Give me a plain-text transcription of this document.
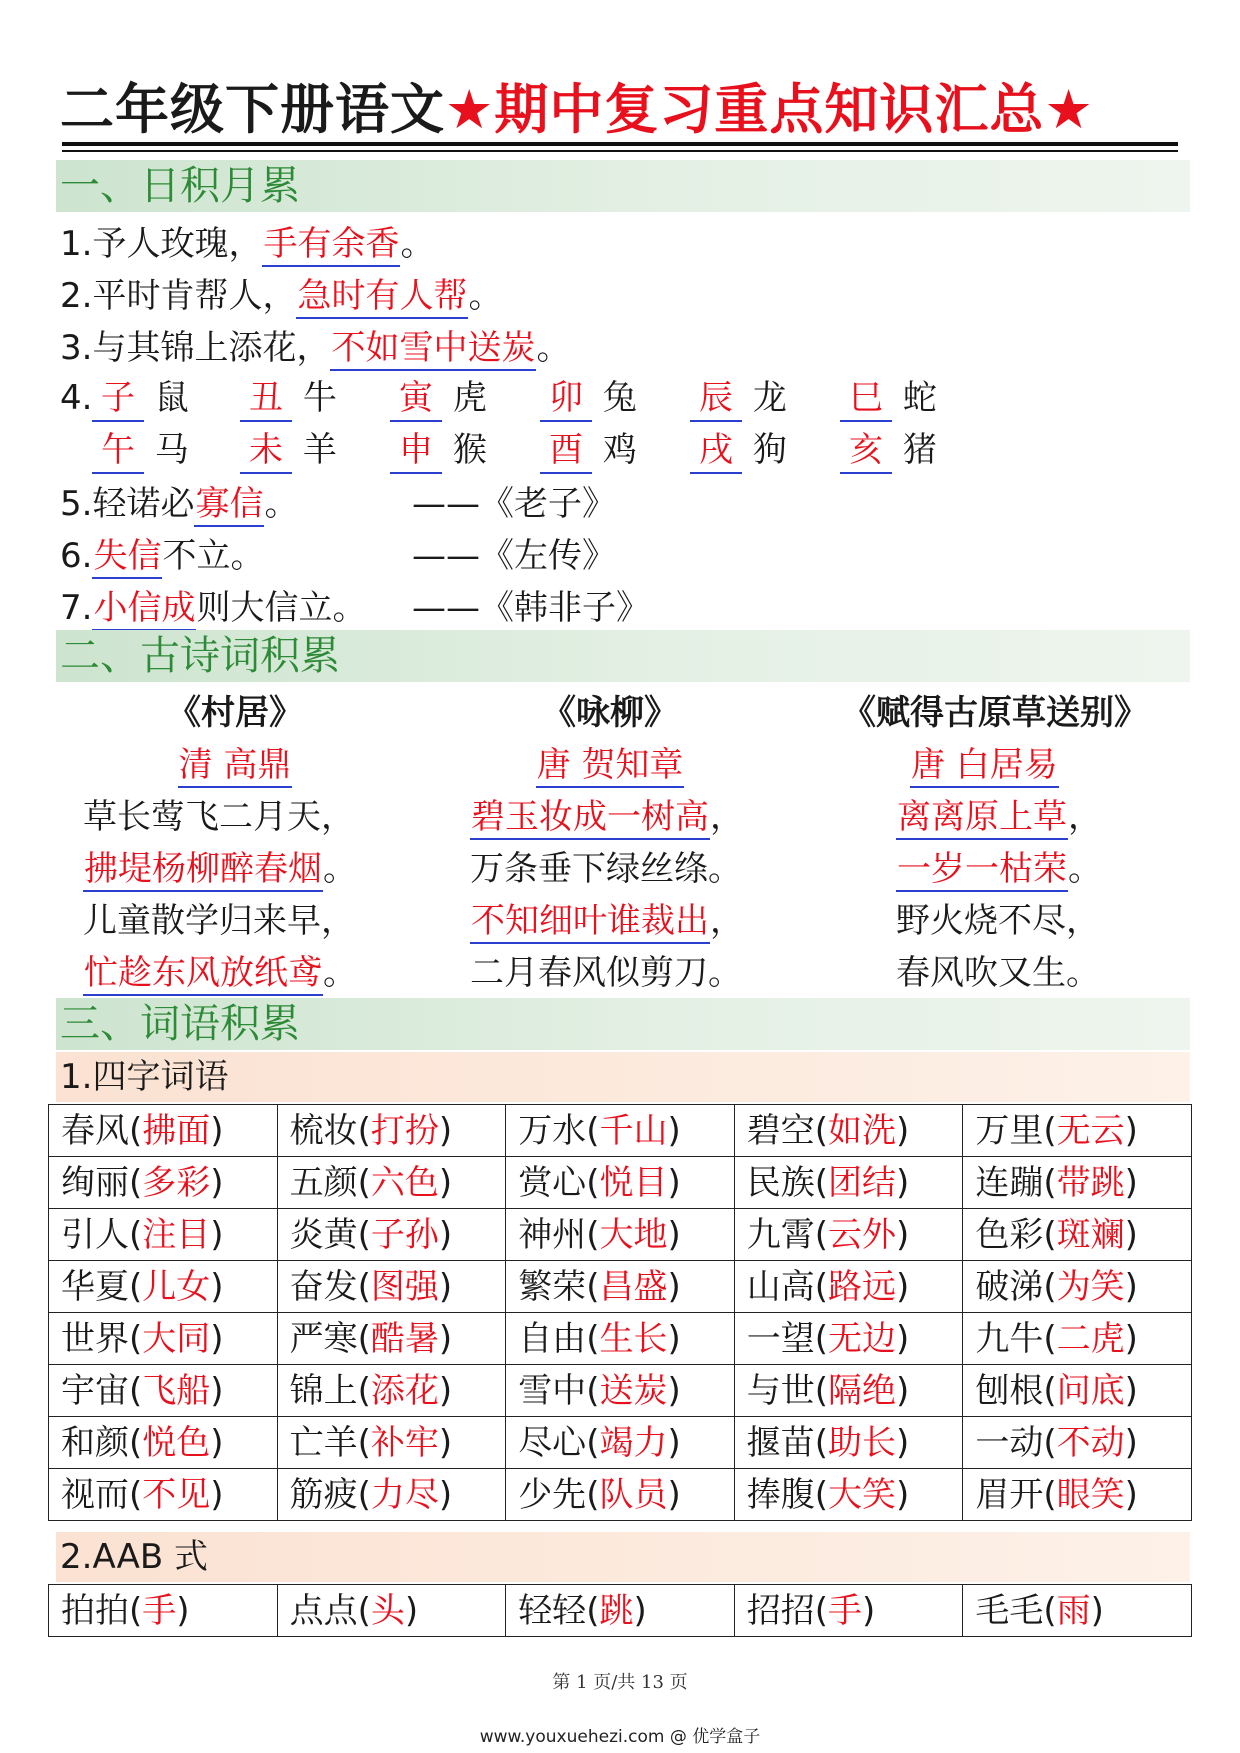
二年级下册语文★期中复习重点知识汇总★
一、日积月累
1.予人玫瑰，手有余香。
2.平时肯帮人，急时有人帮。
3.与其锦上添花，不如雪中送炭。
4. 子 鼠 丑 牛 寅 虎 卯 兔 辰 龙 巳 蛇
午 马 未 羊 申 猴 酉 鸡 戌 狗 亥 猪
5.轻诺必寡信。	——《老子》
6.失信不立。	——《左传》
7.小信成则大信立。 ——《韩非子》
二、古诗词积累
《村居》
清 高鼎
草长莺飞二月天，
拂堤杨柳醉春烟。
儿童散学归来早，
忙趁东风放纸鸢。
《咏柳》
唐 贺知章
碧玉妆成一树高，
万条垂下绿丝绦。
不知细叶谁裁出，
二月春风似剪刀。
《赋得古原草送别》
唐 白居易
离离原上草，
一岁一枯荣。
野火烧不尽，
春风吹又生。
三、词语积累
1.四字词语
春风(拂面)	梳妆(打扮)	万水(千山)	碧空(如洗)	万里(无云)
绚丽(多彩)	五颜(六色)	赏心(悦目)	民族(团结)	连蹦(带跳)
引人(注目)	炎黄(子孙)	神州(大地)	九霄(云外)	色彩(斑斓)
华夏(儿女)	奋发(图强)	繁荣(昌盛)	山高(路远)	破涕(为笑)
世界(大同)	严寒(酷暑)	自由(生长)	一望(无边)	九牛(二虎)
宇宙(飞船)	锦上(添花)	雪中(送炭)	与世(隔绝)	刨根(问底)
和颜(悦色)	亡羊(补牢)	尽心(竭力)	揠苗(助长)	一动(不动)
视而(不见)	筋疲(力尽)	少先(队员)	捧腹(大笑)	眉开(眼笑)
2.AAB 式
拍拍(手)	点点(头)	轻轻(跳)	招招(手)	毛毛(雨)
第 1 页/共 13 页
www.youxuehezi.com @ 优学盒子
